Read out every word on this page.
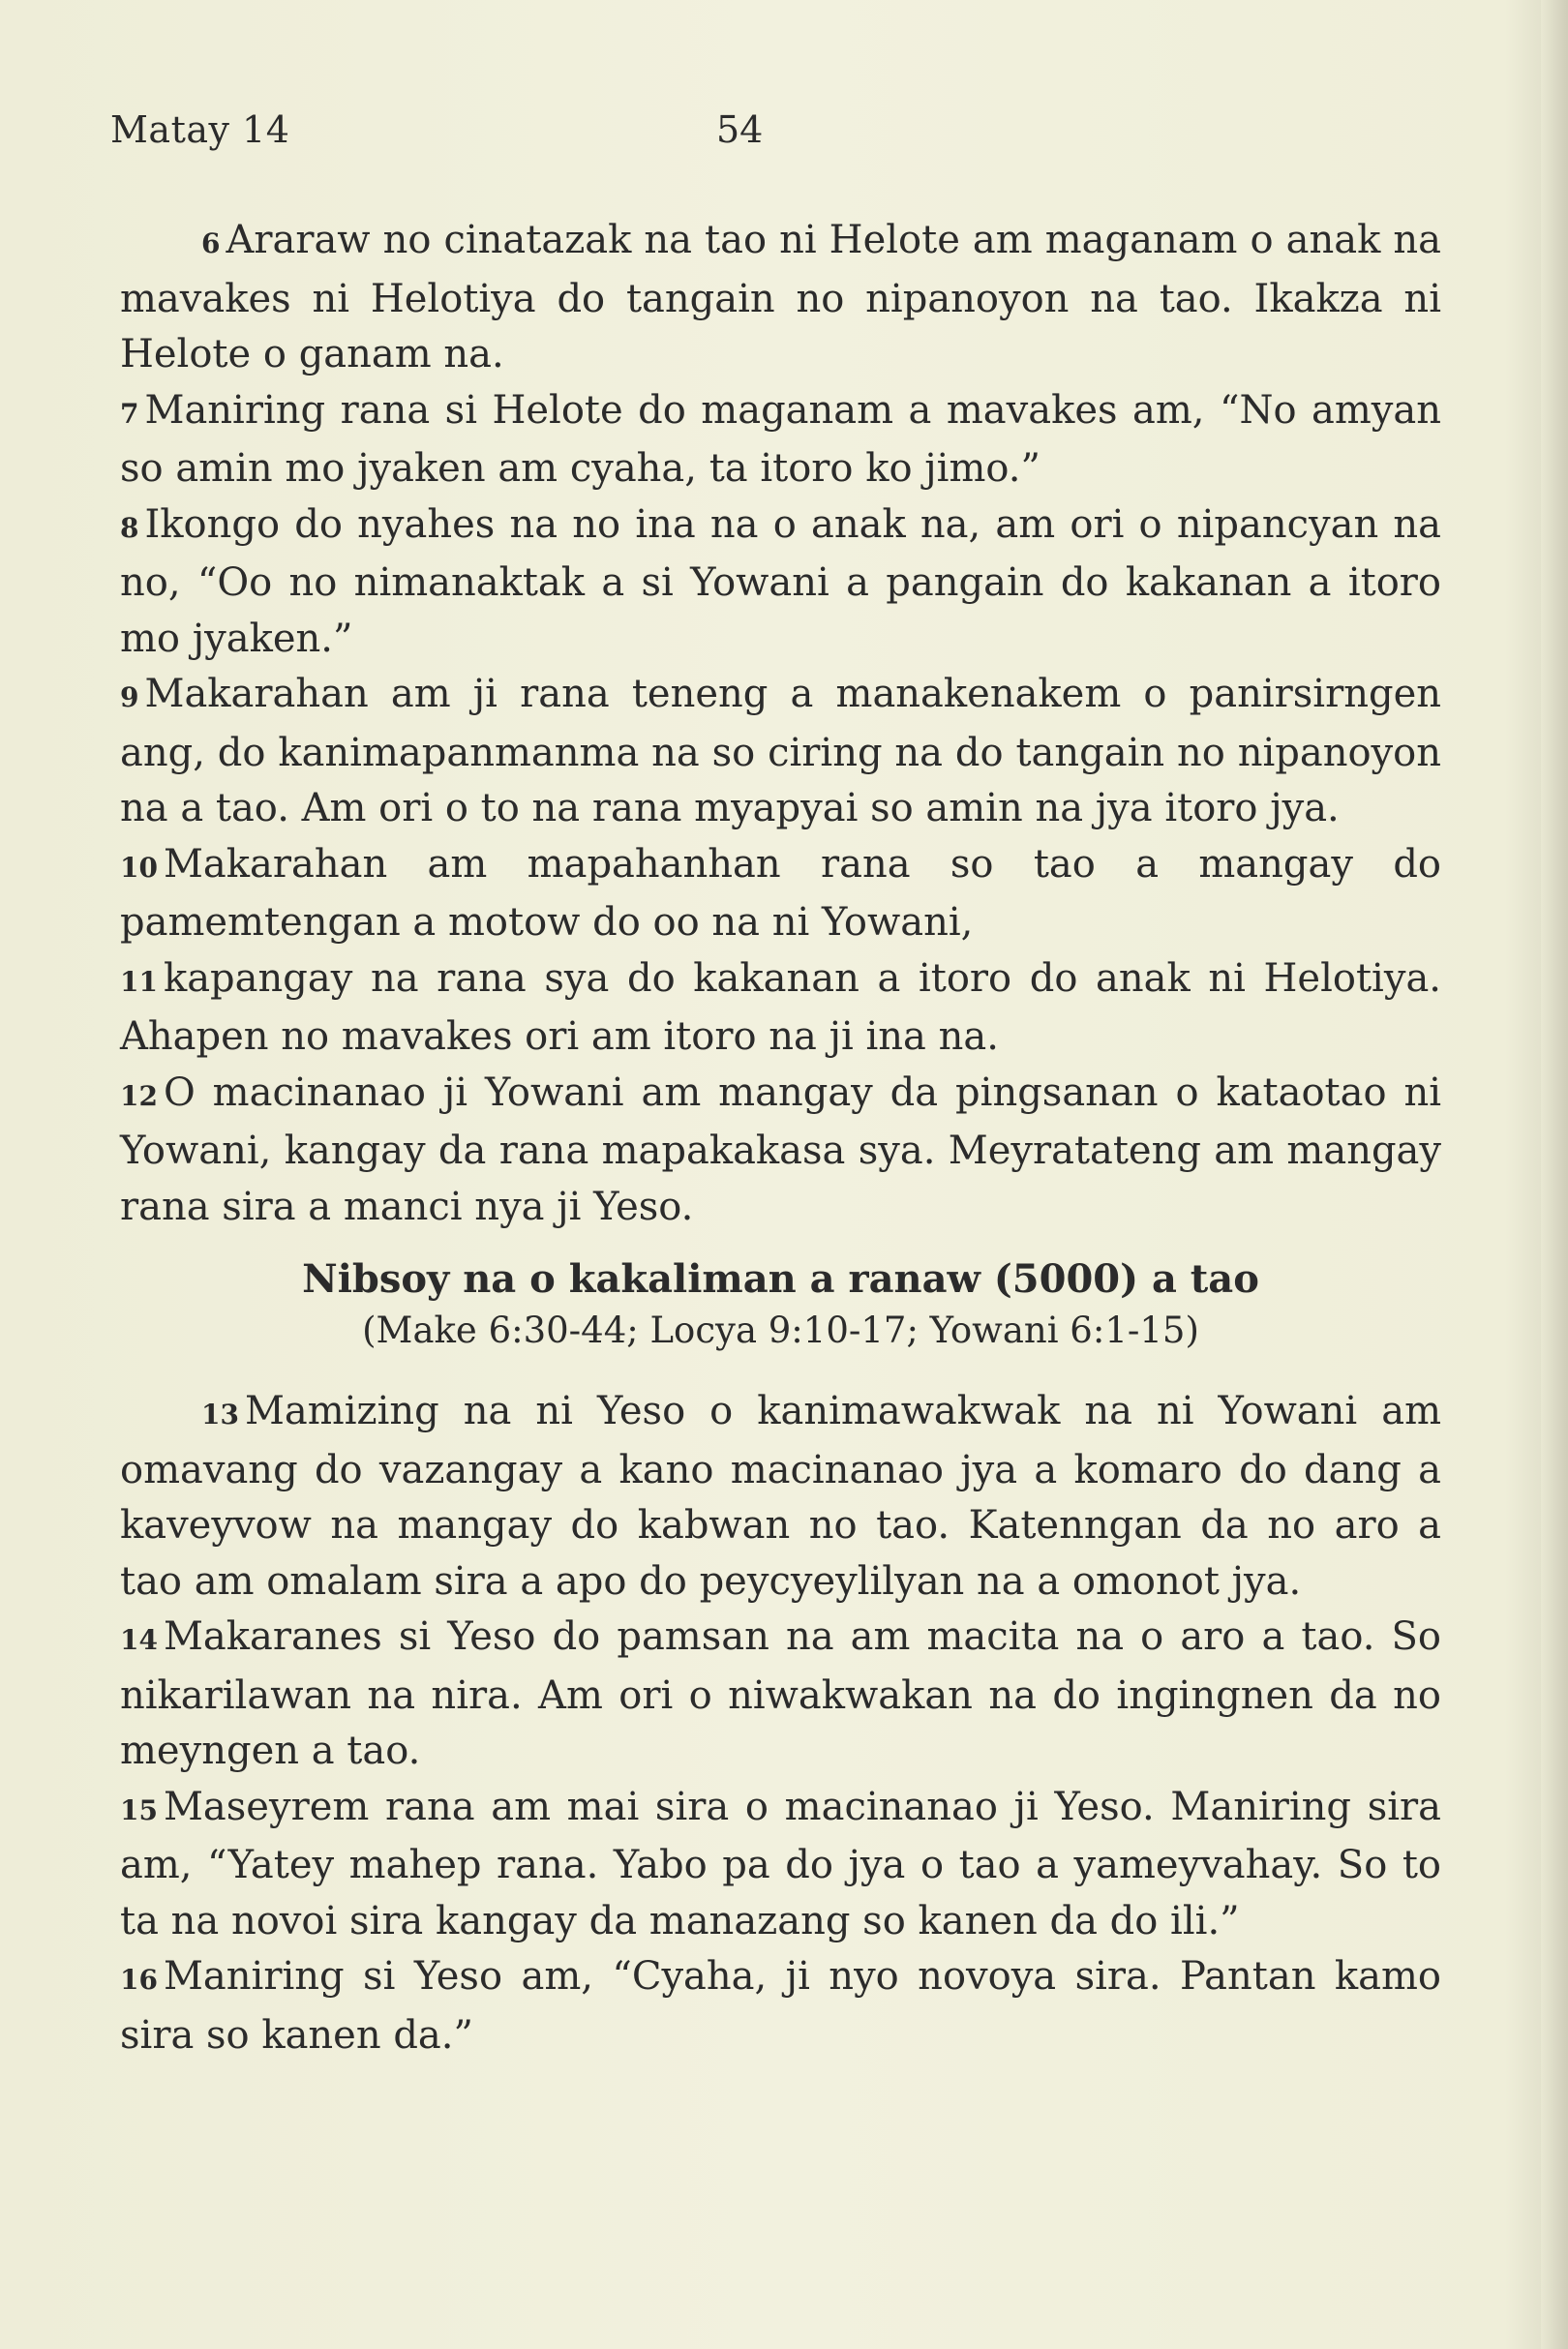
Matay 14	54

6 Araraw no cinatazak na tao ni Helote am maganam o anak na mavakes ni Helotiya do tangain no nipanoyon na tao. Ikakza ni Helote o ganam na.

7 Maniring rana si Helote do maganam a mavakes am, “No amyan so amin mo jyaken am cyaha, ta itoro ko jimo.”

8 Ikongo do nyahes na no ina na o anak na, am ori o nipancyan na no, “Oo no nimanaktak a si Yowani a pangain do kakanan a itoro mo jyaken.”

9 Makarahan am ji rana teneng a manakenakem o panirsirngen ang, do kanimapanmanma na so ciring na do tangain no nipanoyon na a tao. Am ori o to na rana myapyai so amin na jya itoro jya.

10 Makarahan am mapahanhan rana so tao a mangay do pamemtengan a motow do oo na ni Yowani,

11 kapangay na rana sya do kakanan a itoro do anak ni Helotiya. Ahapen no mavakes ori am itoro na ji ina na.

12 O macinanao ji Yowani am mangay da pingsanan o kataotao ni Yowani, kangay da rana mapakakasa sya. Meyratateng am mangay rana sira a manci nya ji Yeso.

Nibsoy na o kakaliman a ranaw (5000) a tao
(Make 6:30-44; Locya 9:10-17; Yowani 6:1-15)

13 Mamizing na ni Yeso o kanimawakwak na ni Yowani am omavang do vazangay a kano macinanao jya a komaro do dang a kaveyvow na mangay do kabwan no tao. Katenngan da no aro a tao am omalam sira a apo do peycyeylilyan na a omonot jya.

14 Makaranes si Yeso do pamsan na am macita na o aro a tao. So nikarilawan na nira. Am ori o niwakwakan na do ingingnen da no meyngen a tao.

15 Maseyrem rana am mai sira o macinanao ji Yeso. Maniring sira am, “Yatey mahep rana. Yabo pa do jya o tao a yameyvahay. So to ta na novoi sira kangay da manazang so kanen da do ili.”

16 Maniring si Yeso am, “Cyaha, ji nyo novoya sira. Pantan kamo sira so kanen da.”
